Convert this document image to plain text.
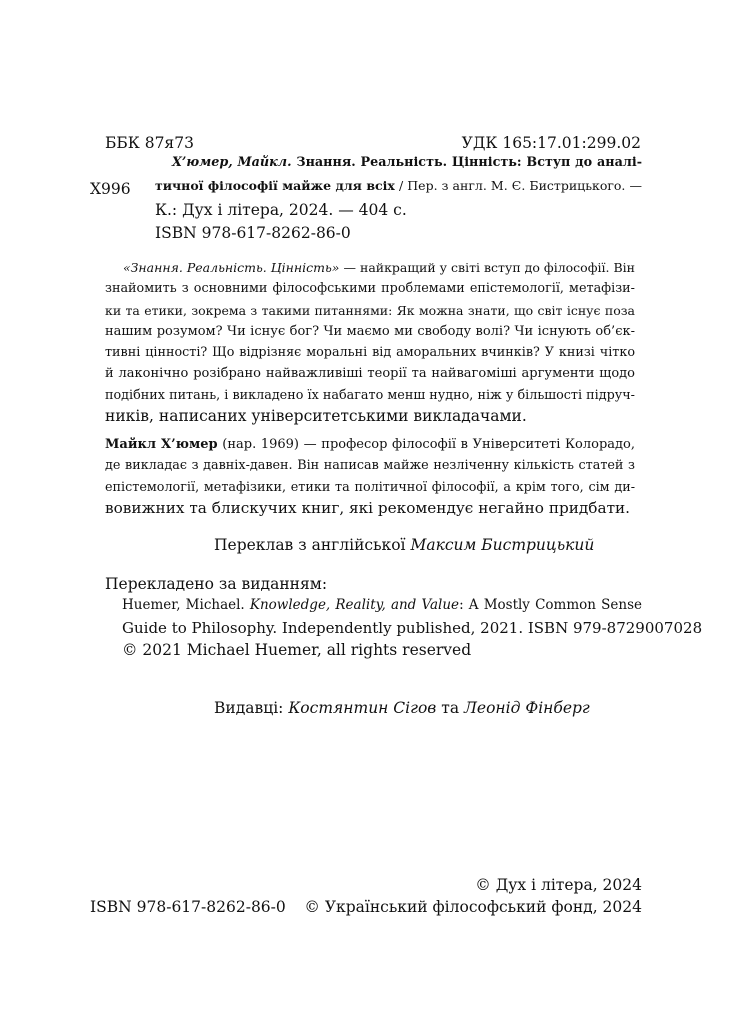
ББК 87я73	УДК 165:17.01:299.02
Х996
Х’юмер, Майкл. Знання. Реальність. Цінність: Вступ до аналі-
тичної філософії майже для всіх / Пер. з англ. М. Є. Бистрицького. —
К.: Дух і літера, 2024. — 404 с.
ISBN 978-617-8262-86-0
«Знання. Реальність. Цінність» — найкращий у світі вступ до філософії. Він
знайомить з основними філософськими проблемами епістемології, метафізи-
ки та етики, зокрема з такими питаннями: Як можна знати, що світ існує поза
нашим розумом? Чи існує бог? Чи маємо ми свободу волі? Чи існують об’єк-
тивні цінності? Що відрізняє моральні від аморальних вчинків? У книзі чітко
й лаконічно розібрано найважливіші теорії та найвагоміші аргументи щодо
подібних питань, і викладено їх набагато менш нудно, ніж у більшості підруч-
ників, написаних університетськими викладачами.
Майкл Х’юмер (нар. 1969) — професор філософії в Університеті Колорадо,
де викладає з давніх-давен. Він написав майже незліченну кількість статей з
епістемології, метафізики, етики та політичної філософії, а крім того, сім ди-
вовижних та блискучих книг, які рекомендує негайно придбати.
Переклав з англійської Максим Бистрицький
Перекладено за виданням:
Huemer, Michael. Knowledge, Reality, and Value: A Mostly Common Sense
Guide to Philosophy. Independently published, 2021. ISBN 979-8729007028
© 2021 Michael Huemer, all rights reserved
Видавці: Костянтин Сігов та Леонід Фінберг
© Дух і літера, 2024
ISBN 978-617-8262-86-0 © Український філософський фонд, 2024
